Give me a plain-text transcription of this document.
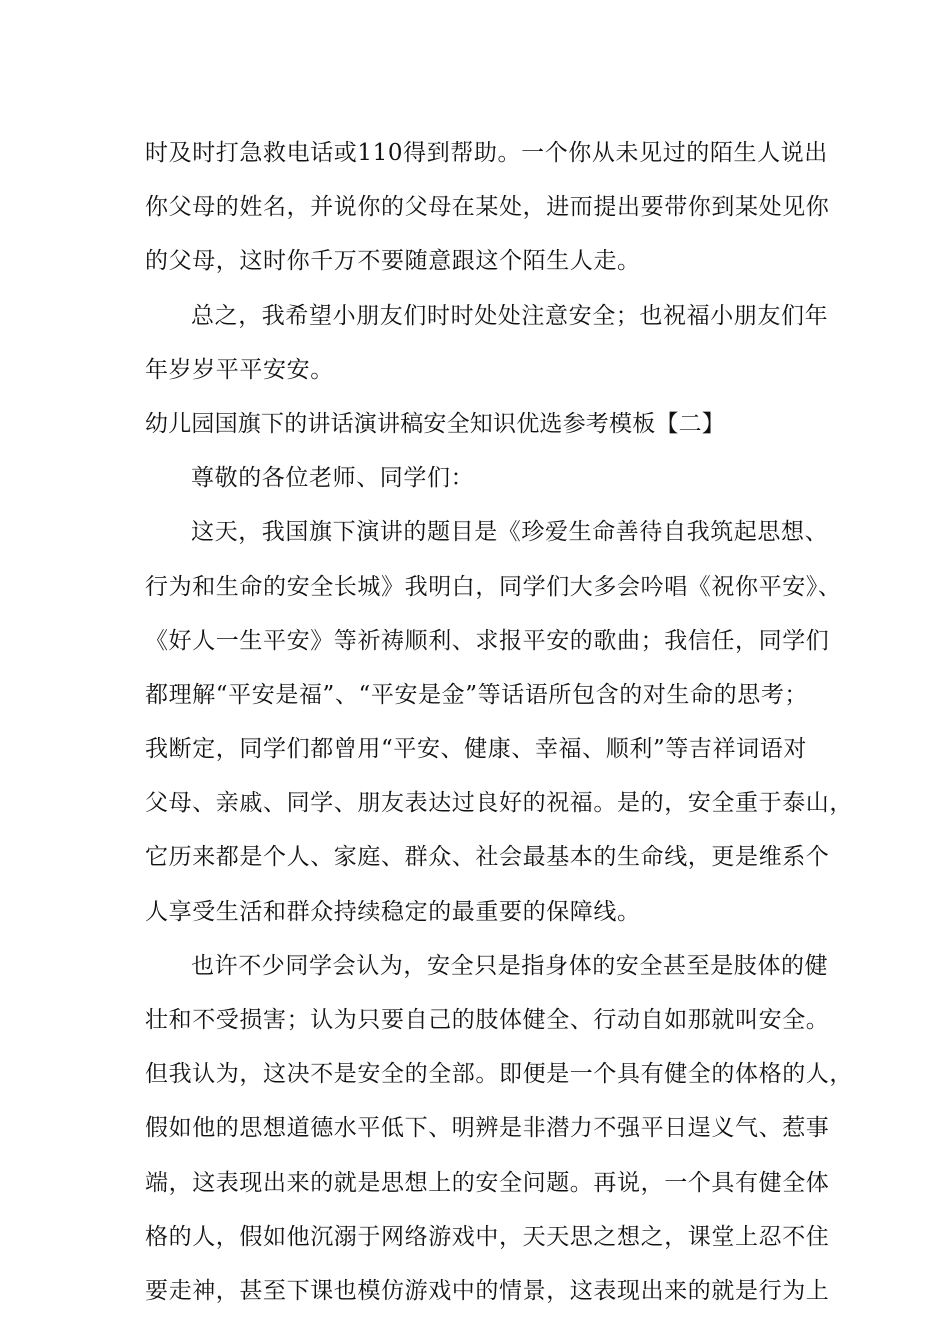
时及时打急救电话或110得到帮助。一个你从未见过的陌生人说出
你父母的姓名，并说你的父母在某处，进而提出要带你到某处见你
的父母，这时你千万不要随意跟这个陌生人走。
总之，我希望小朋友们时时处处注意安全；也祝福小朋友们年
年岁岁平平安安。
幼儿园国旗下的讲话演讲稿安全知识优选参考模板【二】
尊敬的各位老师、同学们：
这天，我国旗下演讲的题目是《珍爱生命善待自我筑起思想、
行为和生命的安全长城》我明白，同学们大多会吟唱《祝你平安》、
《好人一生平安》等祈祷顺利、求报平安的歌曲；我信任，同学们
都理解“平安是福”、“平安是金”等话语所包含的对生命的思考；
我断定，同学们都曾用“平安、健康、幸福、顺利”等吉祥词语对
父母、亲戚、同学、朋友表达过良好的祝福。是的，安全重于泰山，
它历来都是个人、家庭、群众、社会最基本的生命线，更是维系个
人享受生活和群众持续稳定的最重要的保障线。
也许不少同学会认为，安全只是指身体的安全甚至是肢体的健
壮和不受损害；认为只要自己的肢体健全、行动自如那就叫安全。
但我认为，这决不是安全的全部。即便是一个具有健全的体格的人，
假如他的思想道德水平低下、明辨是非潜力不强平日逞义气、惹事
端，这表现出来的就是思想上的安全问题。再说，一个具有健全体
格的人，假如他沉溺于网络游戏中，天天思之想之，课堂上忍不住
要走神，甚至下课也模仿游戏中的情景，这表现出来的就是行为上
